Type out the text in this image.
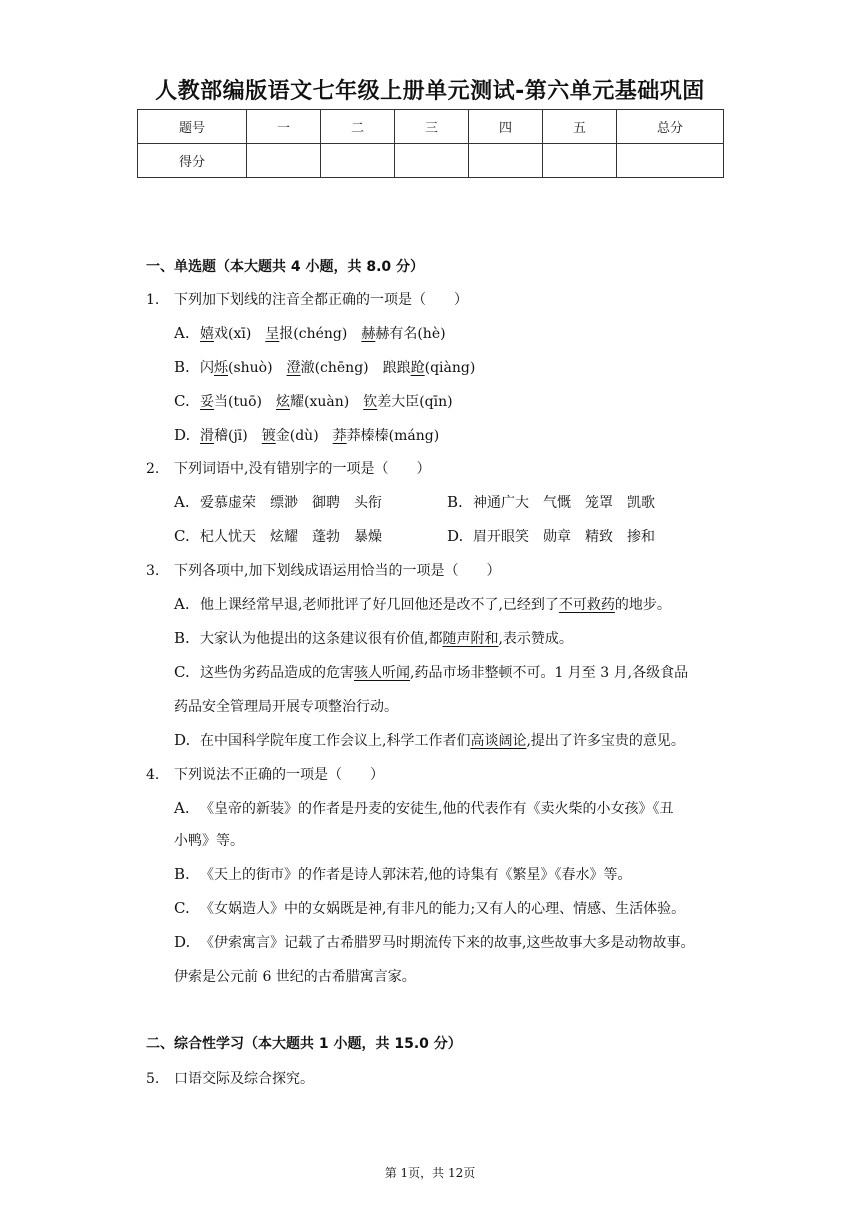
人教部编版语文七年级上册单元测试-第六单元基础巩固
题号	一	二	三	四	五	总分
得分						
一、单选题（本大题共 4 小题，共 8.0 分）
1. 下列加下划线的注音全都正确的一项是（　　）
A. 嬉戏(xī)　呈报(chéng)　赫赫有名(hè)
B. 闪烁(shuò)　澄澈(chēng)　踉踉跄(qiàng)
C. 妥当(tuō)　炫耀(xuàn)　钦差大臣(qīn)
D. 滑稽(jī)　镀金(dù)　莽莽榛榛(máng)
2. 下列词语中,没有错别字的一项是（　　）
A. 爱慕虚荣　缥渺　御聘　头衔	B. 神通广大　气慨　笼罩　凯歌
C. 杞人忧天　炫耀　蓬勃　暴燥	D. 眉开眼笑　勋章　精致　掺和
3. 下列各项中,加下划线成语运用恰当的一项是（　　）
A. 他上课经常早退,老师批评了好几回他还是改不了,已经到了不可救药的地步。
B. 大家认为他提出的这条建议很有价值,都随声附和,表示赞成。
C. 这些伪劣药品造成的危害骇人听闻,药品市场非整顿不可。1 月至 3 月,各级食品
药品安全管理局开展专项整治行动。
D. 在中国科学院年度工作会议上,科学工作者们高谈阔论,提出了许多宝贵的意见。
4. 下列说法不正确的一项是（　　）
A. 《皇帝的新装》的作者是丹麦的安徒生,他的代表作有《卖火柴的小女孩》《丑
小鸭》等。
B. 《天上的街市》的作者是诗人郭沫若,他的诗集有《繁星》《春水》等。
C. 《女娲造人》中的女娲既是神,有非凡的能力;又有人的心理、情感、生活体验。
D. 《伊索寓言》记载了古希腊罗马时期流传下来的故事,这些故事大多是动物故事。
伊索是公元前 6 世纪的古希腊寓言家。
二、综合性学习（本大题共 1 小题，共 15.0 分）
5. 口语交际及综合探究。
第 1页，共 12页
